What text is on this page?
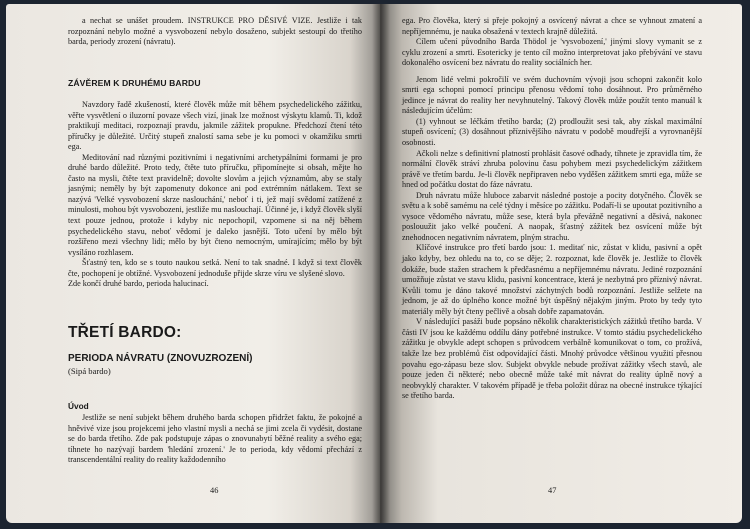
a nechat se unášet proudem. INSTRUKCE PRO DĚSIVÉ VIZE. Jestliže i tak rozpoznání nebylo možné a vysvobození nebylo dosaženo, subjekt sestoupí do třetího barda, periody zrození (návratu).

ZÁVĚREM K DRUHÉMU BARDU

Navzdory řadě zkušeností, které člověk může mít během psychedelického zážitku, věřte vysvětlení o iluzorní povaze všech vizí, jinak lze možnost výskytu klamů. Ti, kdož praktikují meditaci, rozpoznají pravdu, jakmile zážitek propukne. Předchozí čtení této příručky je důležité. Určitý stupeň znalostí sama sebe je ku pomoci v okamžiku smrti ega.

Meditování nad různými pozitivními i negativními archetypálními formami je pro druhé bardo důležité. Proto tedy, čtěte tuto příručku, připomínejte si obsah, mějte ho často na mysli, čtěte text pravidelně; dovolte slovům a jejich významům, aby se staly jasnými; neměly by být zapomenuty dokonce ani pod extrémním nátlakem. Text se nazývá 'Velké vysvobození skrze naslouchání,' neboť i ti, jež mají svědomí zatížené z minulosti, mohou být vysvobozeni, jestliže mu naslouchají. Účinné je, i když člověk slyší text pouze jednou, protože i kdyby nic nepochopil, vzpomene si na něj během psychedelického stavu, neboť vědomí je daleko jasnější. Toto učení by mělo být rozšířeno mezi všechny lidi; mělo by být čteno nemocným, umírajícím; mělo by být vysíláno rozhlasem.

Šťastný ten, kdo se s touto naukou setká. Není to tak snadné. I když si text člověk čte, pochopení je obtížné. Vysvobození jednoduše přijde skrze víru ve slyšené slovo.

Zde končí druhé bardo, perioda halucinací.

TŘETÍ BARDO:
PERIODA NÁVRATU (ZNOVUZROZENÍ)
(Sipá bardo)
Úvod

Jestliže se není subjekt během druhého barda schopen přidržet faktu, že pokojné a hněvivé vize jsou projekcemi jeho vlastní mysli a nechá se jimi zcela či vydésit, dostane se do barda třetího. Zde pak podstupuje zápas o znovunabytí běžné reality a svého ega; tíhnete ho nazývají bardem 'hledání zrození.' Je to perioda, kdy vědomí přechází z transcendentální reality do reality každodenního

46

ega. Pro člověka, který si přeje pokojný a osvícený návrat a chce se vyhnout zmatení a nepříjemnému, je nauka obsažená v textech krajně důležitá.

Cílem učení původního Barda Thödol je 'vysvobození,' jinými slovy vymanit se z cyklu zrození a smrti. Esotericky je tento cíl možno interpretovat jako přebývání ve stavu dokonalého osvícení bez návratu do reality sociálních her.

Jenom lidé velmi pokročilí ve svém duchovním vývoji jsou schopni zakončit kolo smrti ega schopni pomocí principu přenosu vědomí toho dosáhnout. Pro průměrného jedince je návrat do reality her nevyhnutelný. Takový člověk může použít tento manuál k následujícím účelům:

(1) vyhnout se léčkám třetího barda; (2) prodloužit sesi tak, aby získal maximální stupeň osvícení; (3) dosáhnout příznivějšího návratu v podobě moudřejší a vyrovnanější osobnosti.

Ačkoli nelze s definitivní platností prohlásit časové odhady, tíhnete je zpravidla tím, že normální člověk stráví zhruba polovinu času pohybem mezi psychedelickým zážitkem právě ve třetím bardu. Je-li člověk nepřipraven nebo vyděšen zážitkem smrti ega, může se hned od počátku dostat do fáze návratu.

Druh návratu může hluboce zabarvit následné postoje a pocity dotyčného. Člověk se světu a k sobě samému na celé týdny i měsíce po zážitku. Podaří-li se upoutat pozitivního a vysoce vědomého návratu, může sese, která byla převážně negativní a děsivá, nakonec poslouužit jako velké poučení. A naopak, šťastný zážitek bez osvícení může být znehodnocen negativním návratem, plným strachu.

Klíčové instrukce pro třetí bardo jsou: 1. meditať nic, zůstat v klidu, pasivní a opět jako kdyby, bez ohledu na to, co se děje; 2. rozpoznat, kde člověk je. Jestliže to člověk dokáže, bude stažen strachem k předčasnému a nepříjemnému návratu. Jediné rozpoznání umožňuje zůstat ve stavu klidu, pasivní koncentrace, která je nezbytná pro příznivý návrat. Kvůli tomu je dáno takové množství záchytných bodů rozpoznání. Jestliže selžete na jednom, je až do úplného konce možné být úspěšný nějakým jiným. Proto by tedy tyto materiály měly být čteny pečlivě a obsah dobře zapamatován.

V následující pasáži bude popsáno několik charakteristických zážitků třetího barda. V části IV jsou ke každému oddílu dány potřebné instrukce. V tomto stádiu psychedelického zážitku je obvykle adept schopen s průvodcem verbálně komunikovat o tom, co prožívá, takže lze bez problémů číst odpovídající části. Mnohý průvodce většinou využití přesnou povahu ego-zápasu beze slov. Subjekt obvykle nebude prožívat zážitky všech stavů, ale pouze jeden či některé; nebo obecně může také mít návrat do reality úplně nový a neobvyklý charakter. V takovém případě je třeba položit důraz na obecné instrukce týkající se třetího barda.

47
